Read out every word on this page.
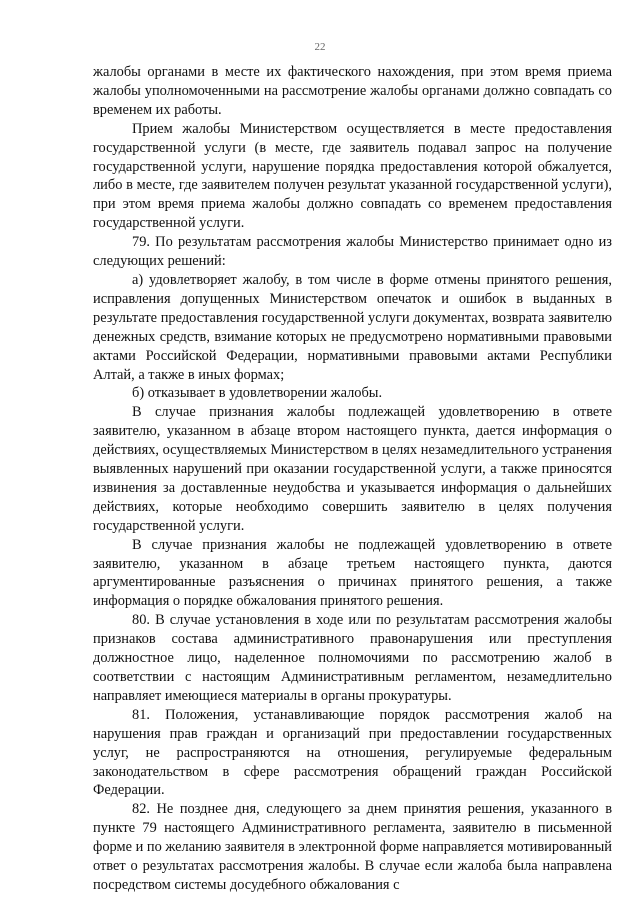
22

жалобы органами в месте их фактического нахождения, при этом время приема жалобы уполномоченными на рассмотрение жалобы органами должно совпадать со временем их работы.

Прием жалобы Министерством осуществляется в месте предоставления государственной услуги (в месте, где заявитель подавал запрос на получение государственной услуги, нарушение порядка предоставления которой обжалуется, либо в месте, где заявителем получен результат указанной государственной услуги), при этом время приема жалобы должно совпадать со временем предоставления государственной услуги.

79. По результатам рассмотрения жалобы Министерство принимает одно из следующих решений:

а) удовлетворяет жалобу, в том числе в форме отмены принятого решения, исправления допущенных Министерством опечаток и ошибок в выданных в результате предоставления государственной услуги документах, возврата заявителю денежных средств, взимание которых не предусмотрено нормативными правовыми актами Российской Федерации, нормативными правовыми актами Республики Алтай, а также в иных формах;

б) отказывает в удовлетворении жалобы.

В случае признания жалобы подлежащей удовлетворению в ответе заявителю, указанном в абзаце втором настоящего пункта, дается информация о действиях, осуществляемых Министерством в целях незамедлительного устранения выявленных нарушений при оказании государственной услуги, а также приносятся извинения за доставленные неудобства и указывается информация о дальнейших действиях, которые необходимо совершить заявителю в целях получения государственной услуги.

В случае признания жалобы не подлежащей удовлетворению в ответе заявителю, указанном в абзаце третьем настоящего пункта, даются аргументированные разъяснения о причинах принятого решения, а также информация о порядке обжалования принятого решения.

80. В случае установления в ходе или по результатам рассмотрения жалобы признаков состава административного правонарушения или преступления должностное лицо, наделенное полномочиями по рассмотрению жалоб в соответствии с настоящим Административным регламентом, незамедлительно направляет имеющиеся материалы в органы прокуратуры.

81. Положения, устанавливающие порядок рассмотрения жалоб на нарушения прав граждан и организаций при предоставлении государственных услуг, не распространяются на отношения, регулируемые федеральным законодательством в сфере рассмотрения обращений граждан Российской Федерации.

82. Не позднее дня, следующего за днем принятия решения, указанного в пункте 79 настоящего Административного регламента, заявителю в письменной форме и по желанию заявителя в электронной форме направляется мотивированный ответ о результатах рассмотрения жалобы. В случае если жалоба была направлена посредством системы досудебного обжалования с
